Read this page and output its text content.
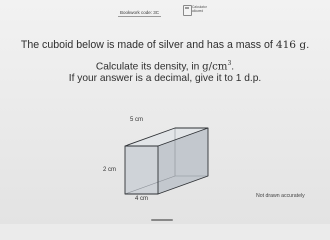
Bookwork code: 3C
Calculator
allowed
The cuboid below is made of silver and has a mass of 416 g.
Calculate its density, in $g/cm^3$.
If your answer is a decimal, give it to 1 d.p.
5 cm
2 cm
4 cm	Not drawn accurately
